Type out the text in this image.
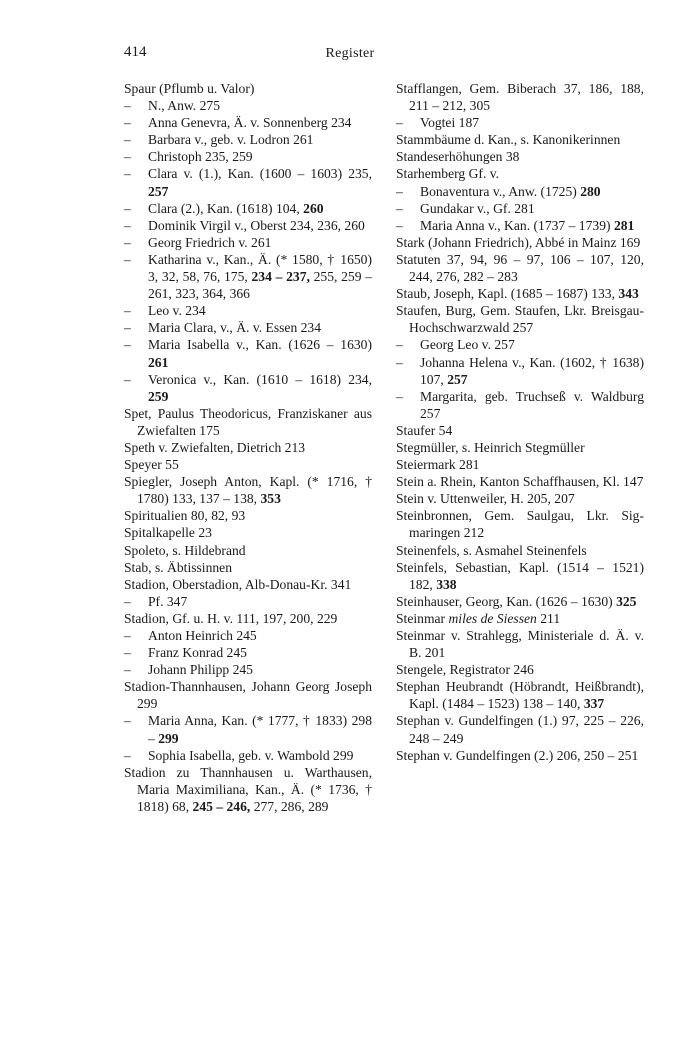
414	Register
Spaur (Pflumb u. Valor)
– N., Anw. 275
– Anna Genevra, Ä. v. Sonnenberg 234
– Barbara v., geb. v. Lodron 261
– Christoph 235, 259
– Clara v. (1.), Kan. (1600 – 1603) 235, 257
– Clara (2.), Kan. (1618) 104, 260
– Dominik Virgil v., Oberst 234, 236, 260
– Georg Friedrich v. 261
– Katharina v., Kan., Ä. (* 1580, † 1650) 3, 32, 58, 76, 175, 234 – 237, 255, 259 – 261, 323, 364, 366
– Leo v. 234
– Maria Clara, v., Ä. v. Essen 234
– Maria Isabella v., Kan. (1626 – 1630) 261
– Veronica v., Kan. (1610 – 1618) 234, 259
Spet, Paulus Theodoricus, Franziskaner aus Zwiefalten 175
Speth v. Zwiefalten, Dietrich 213
Speyer 55
Spiegler, Joseph Anton, Kapl. (* 1716, † 1780) 133, 137 – 138, 353
Spiritualien 80, 82, 93
Spitalkapelle 23
Spoleto, s. Hildebrand
Stab, s. Äbtissinnen
Stadion, Oberstadion, Alb-Donau-Kr. 341
– Pf. 347
Stadion, Gf. u. H. v. 111, 197, 200, 229
– Anton Heinrich 245
– Franz Konrad 245
– Johann Philipp 245
Stadion-Thannhausen, Johann Georg Joseph 299
– Maria Anna, Kan. (* 1777, † 1833) 298 – 299
– Sophia Isabella, geb. v. Wambold 299
Stadion zu Thannhausen u. Warthausen, Maria Maximiliana, Kan., Ä. (* 1736, † 1818) 68, 245 – 246, 277, 286, 289
Stafflangen, Gem. Biberach 37, 186, 188, 211 – 212, 305
– Vogtei 187
Stammbäume d. Kan., s. Kanonikerinnen
Standeserhöhungen 38
Starhemberg Gf. v.
– Bonaventura v., Anw. (1725) 280
– Gundakar v., Gf. 281
– Maria Anna v., Kan. (1737 – 1739) 281
Stark (Johann Friedrich), Abbé in Mainz 169
Statuten 37, 94, 96 – 97, 106 – 107, 120, 244, 276, 282 – 283
Staub, Joseph, Kapl. (1685 – 1687) 133, 343
Staufen, Burg, Gem. Staufen, Lkr. Breisgau-Hochschwarzwald 257
– Georg Leo v. 257
– Johanna Helena v., Kan. (1602, † 1638) 107, 257
– Margarita, geb. Truchseß v. Waldburg 257
Staufer 54
Stegmüller, s. Heinrich Stegmüller
Steiermark 281
Stein a. Rhein, Kanton Schaffhausen, Kl. 147
Stein v. Uttenweiler, H. 205, 207
Steinbronnen, Gem. Saulgau, Lkr. Sigmaringen 212
Steinenfels, s. Asmahel Steinenfels
Steinfels, Sebastian, Kapl. (1514 – 1521) 182, 338
Steinhauser, Georg, Kan. (1626 – 1630) 325
Steinmar miles de Siessen 211
Steinmar v. Strahlegg, Ministeriale d. Ä. v. B. 201
Stengele, Registrator 246
Stephan Heubrandt (Höbrandt, Heißbrandt), Kapl. (1484 – 1523) 138 – 140, 337
Stephan v. Gundelfingen (1.) 97, 225 – 226, 248 – 249
Stephan v. Gundelfingen (2.) 206, 250 – 251
